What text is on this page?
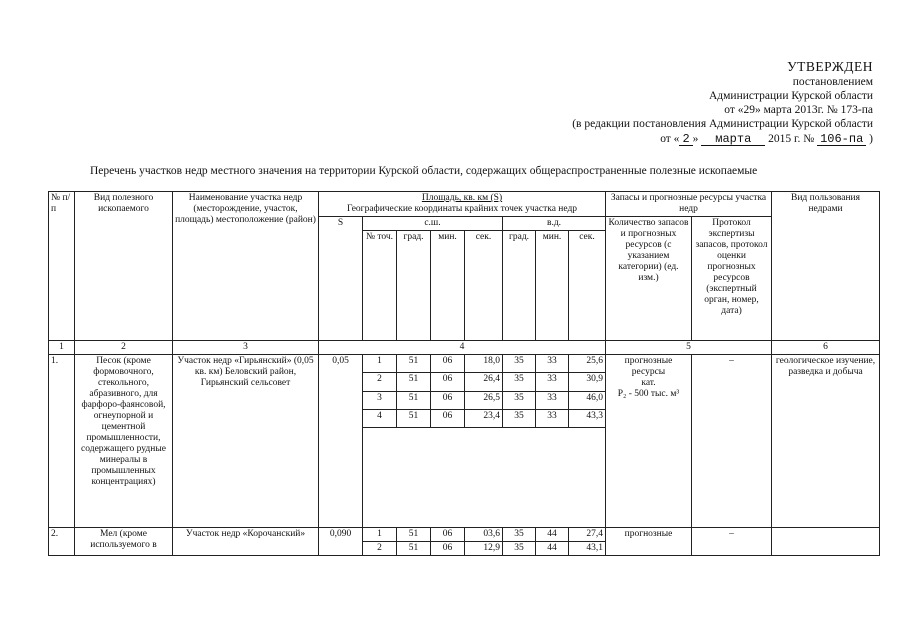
УТВЕРЖДЕН
постановлением
Администрации Курской области
от «29» марта 2013г. № 173-па
(в редакции постановления Администрации Курской области
от « 2 » марта 2015 г. № 106-па )
Перечень участков недр местного значения на территории Курской области, содержащих общераспространенные полезные ископаемые
№ п/п	Вид полезного ископаемого	Наименование участка недр (месторождение, участок, площадь) местоположение (район)	Площадь, кв. км (S)
Географические координаты крайних точек участка недр								Запасы и прогнозные ресурсы участка недр		Вид пользования недрами
			S	с.ш.				в.д.			Количество запасов и прогнозных ресурсов (с указанием категории) (ед. изм.)	Протокол экспертизы запасов, протокол оценки прогнозных ресурсов (экспертный орган, номер, дата)	
				№ точ.	град.	мин.	сек.	град.	мин.	сек.			
1	2	3	4								5		6
1.	Песок (кроме формовочного, стекольного, абразивного, для фарфоро-фаянсовой, огнеупорной и цементной промышленности, содержащего рудные минералы в промышленных концентрациях)	Участок недр «Гирьянский» (0,05 кв. км) Беловский район, Гирьянский сельсовет	0,05	1	51	06	18,0	35	33	25,6	прогнозные ресурсы
кат.
P₂ - 500 тыс. м³	–	геологическое изучение, разведка и добыча
				2	51	06	26,4	35	33	30,9			
				3	51	06	26,5	35	33	46,0			
				4	51	06	23,4	35	33	43,3			

2.	Мел (кроме используемого в	Участок недр «Корочанский»	0,090	1	51	06	03,6	35	44	27,4	прогнозные	–	
				2	51	06	12,9	35	44	43,1			
